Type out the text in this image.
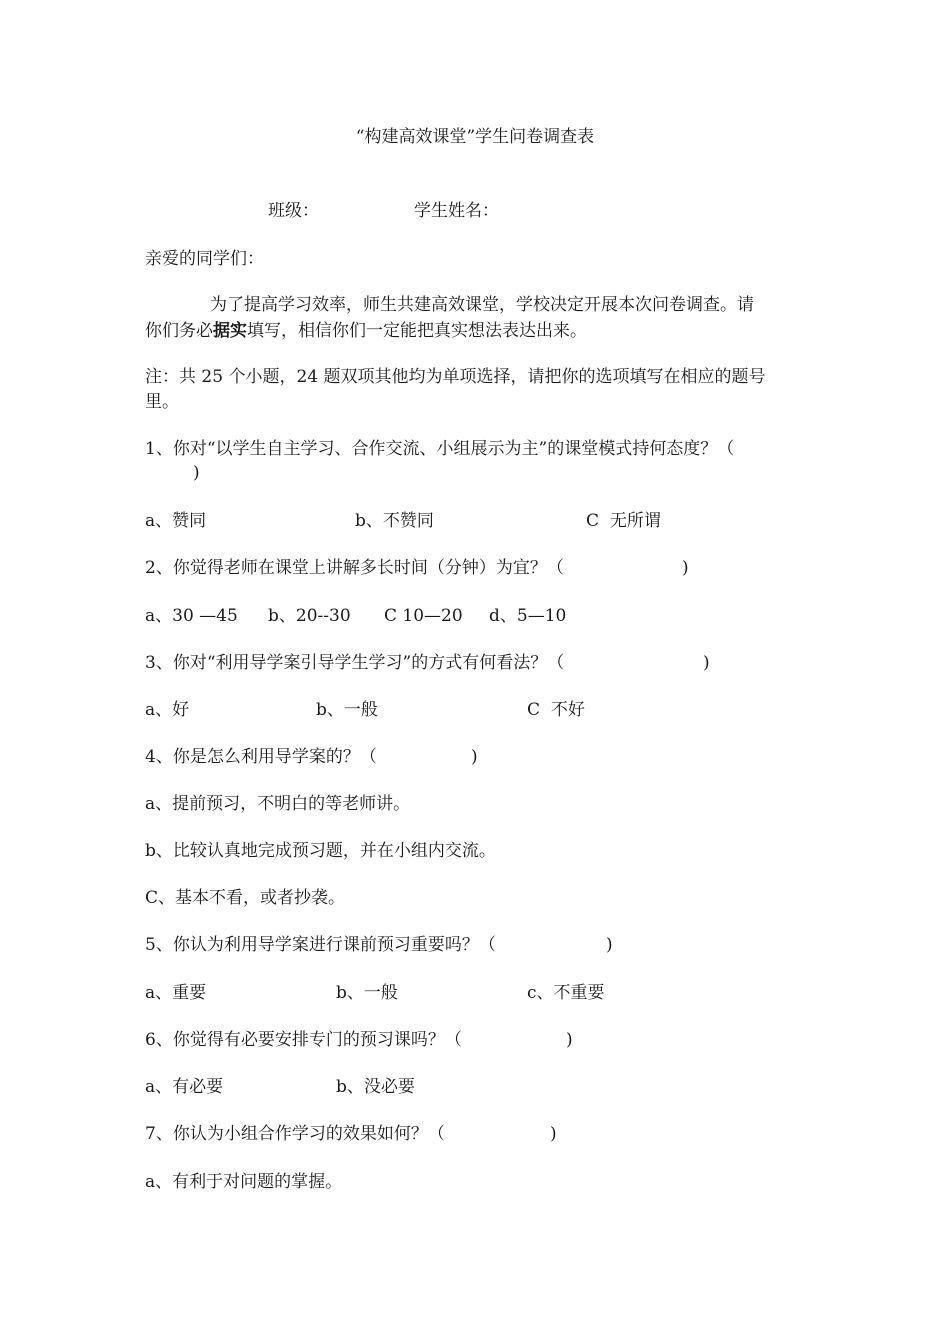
“构建高效课堂”学生问卷调查表
班级：	学生姓名：
亲爱的同学们：
为了提高学习效率，师生共建高效课堂，学校决定开展本次问卷调查。请
你们务必据实填写，相信你们一定能把真实想法表达出来。
注：共 25 个小题，24 题双项其他均为单项选择，请把你的选项填写在相应的题号
里。
1、你对“以学生自主学习、合作交流、小组展示为主”的课堂模式持何态度？（
)
a、赞同	b、不赞同	C  无所谓
2、你觉得老师在课堂上讲解多长时间（分钟）为宜？（	)
a、30 —45 b、20--30 C 10—20 d、5—10
3、你对“利用导学案引导学生学习”的方式有何看法？（	)
a、好	b、一般	C  不好
4、你是怎么利用导学案的？（	)
a、提前预习，不明白的等老师讲。
b、比较认真地完成预习题，并在小组内交流。
C、基本不看，或者抄袭。
5、你认为利用导学案进行课前预习重要吗？（	)
a、重要	b、一般	c、不重要
6、你觉得有必要安排专门的预习课吗？（	)
a、有必要	b、没必要
7、你认为小组合作学习的效果如何？（	)
a、有利于对问题的掌握。
